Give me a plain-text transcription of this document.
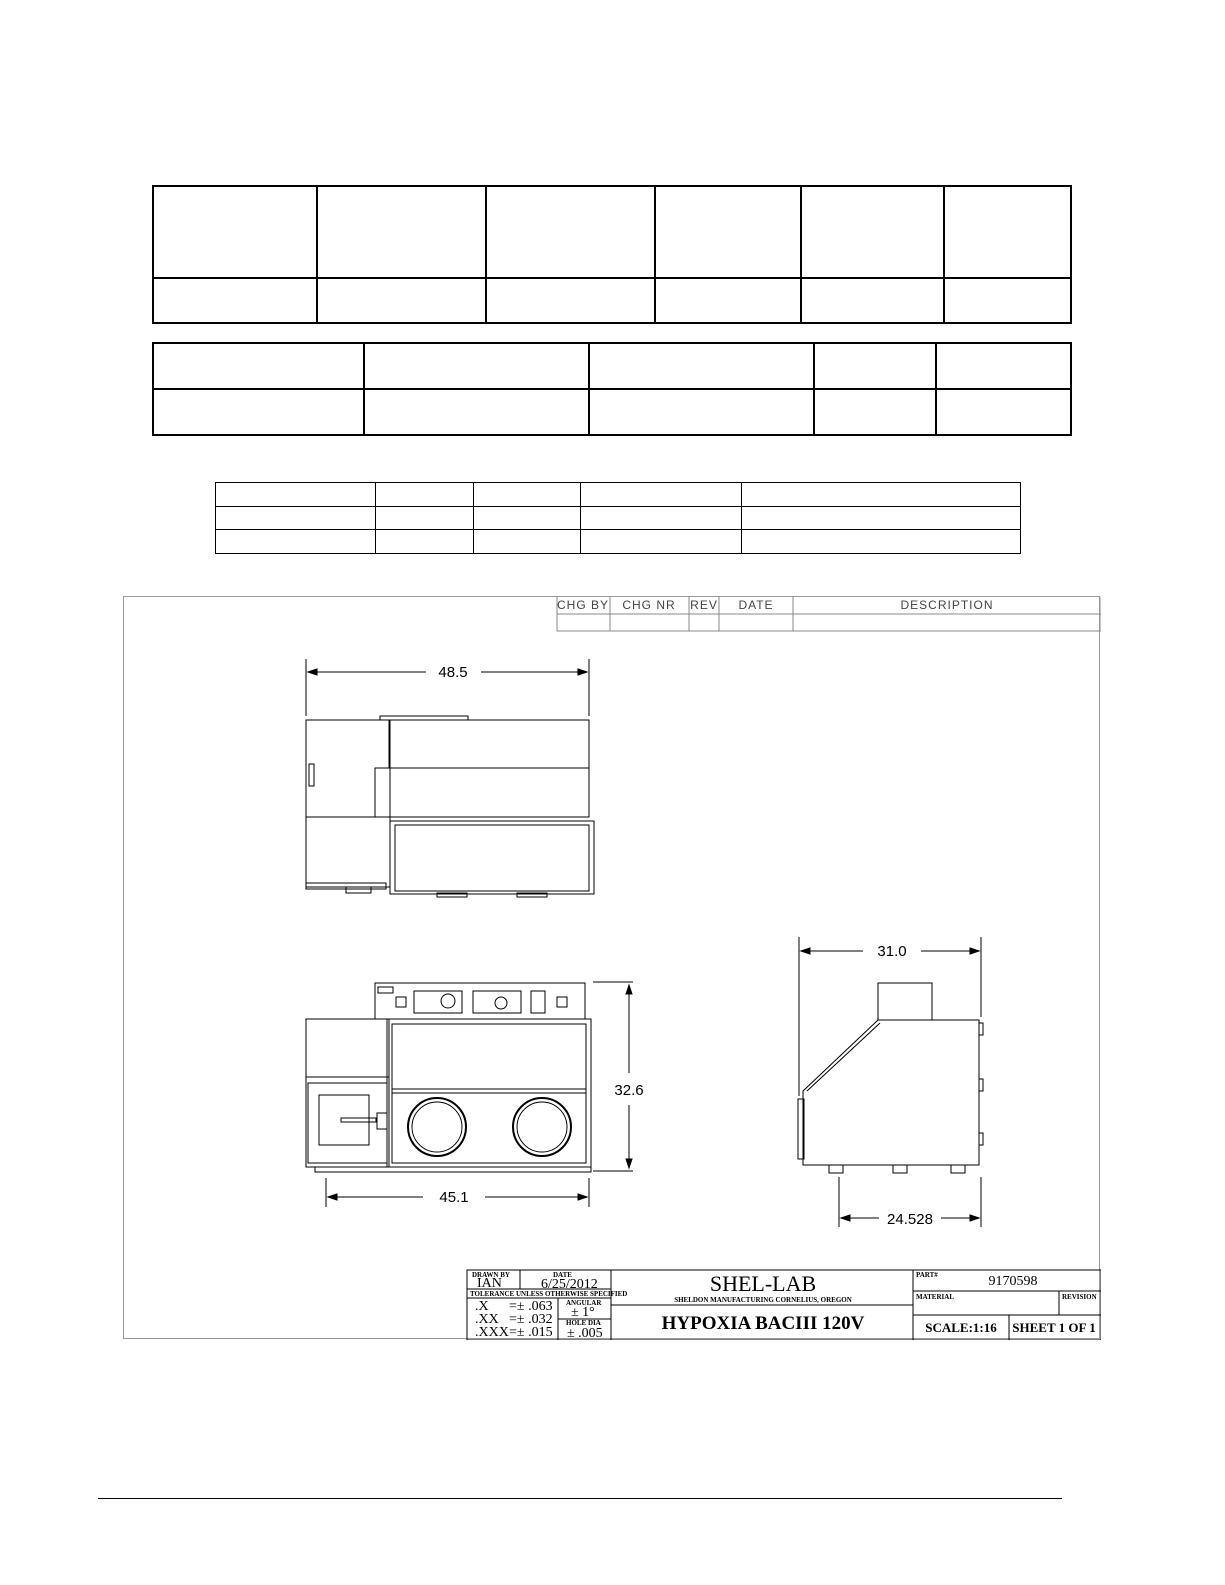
CHG BY CHG NR REV DATE	DESCRIPTION
48.5
32.6
45.1
31.0
24.528
DRAWN BY
IAN
DATE
6/25/2012
TOLERANCE UNLESS OTHERWISE SPECIFIED
ANGULAR
± 1°
HOLE DIA
± .005
.X =± .063
.XX =± .032
.XXX =± .015
SHEL-LAB
SHELDON MANUFACTURING CORNELIUS, OREGON
HYPOXIA BACIII 120V
PART#	9170598
MATERIAL	REVISION
SCALE:1:16 SHEET 1 OF 1
